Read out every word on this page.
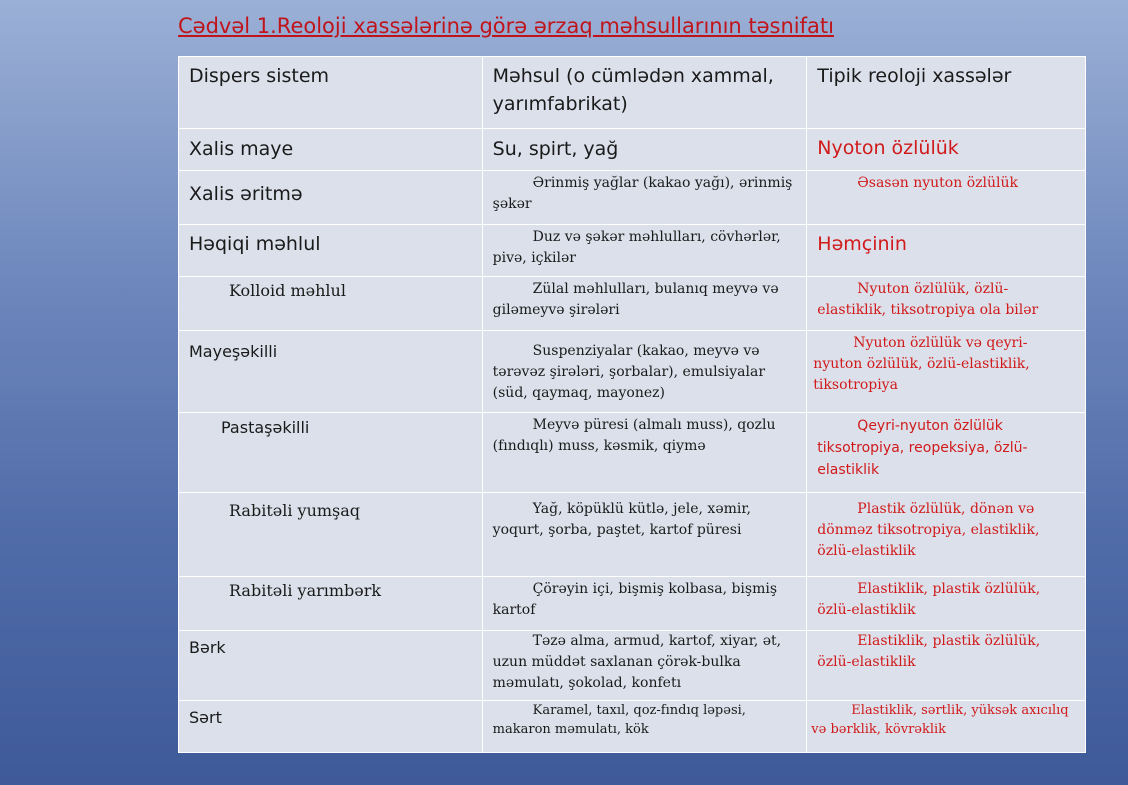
Cədvəl 1.Reoloji xassələrinə görə ərzaq məhsullarının təsnifatı
Dispers sistem	Məhsul (o cümlədən xammal, yarımfabrikat)	Tipik reoloji xassələr

Xalis maye	Su, spirt, yağ	Nyoton özlülük

Xalis əritmə	Ərinmiş yağlar (kakao yağı), ərinmiş şəkər	Əsasən nyuton özlülük

Həqiqi məhlul	Duz və şəkər məhlulları, cövhərlər, pivə, içkilər	Həmçinin

Kolloid məhlul	Zülal məhlulları, bulanıq meyvə və giləmeyvə şirələri	Nyuton özlülük, özlü-elastiklik, tiksotropiya ola bilər

Mayeşəkilli	Suspenziyalar (kakao, meyvə və tərəvəz şirələri, şorbalar), emulsiyalar (süd, qaymaq, mayonez)	Nyuton özlülük və qeyri-nyuton özlülük, özlü-elastiklik, tiksotropiya

Pastaşəkilli	Meyvə püresi (almalı muss), qozlu (fındıqlı) muss, kəsmik, qiymə	Qeyri-nyuton özlülük tiksotropiya, reopeksiya, özlü-elastiklik

Rabitəli yumşaq	Yağ, köpüklü kütlə, jele, xəmir, yoqurt, şorba, paştet, kartof püresi	Plastik özlülük, dönən və dönməz tiksotropiya, elastiklik, özlü-elastiklik

Rabitəli yarımbərk	Çörəyin içi, bişmiş kolbasa, bişmiş kartof	Elastiklik, plastik özlülük, özlü-elastiklik

Bərk	Təzə alma, armud, kartof, xiyar, ət, uzun müddət saxlanan çörək-bulka məmulatı, şokolad, konfetı	Elastiklik, plastik özlülük, özlü-elastiklik

Sərt	Karamel, taxıl, qoz-fındıq ləpəsi, makaron məmulatı, kök	Elastiklik, sərtlik, yüksək axıcılıq və bərklik, kövrəklik
